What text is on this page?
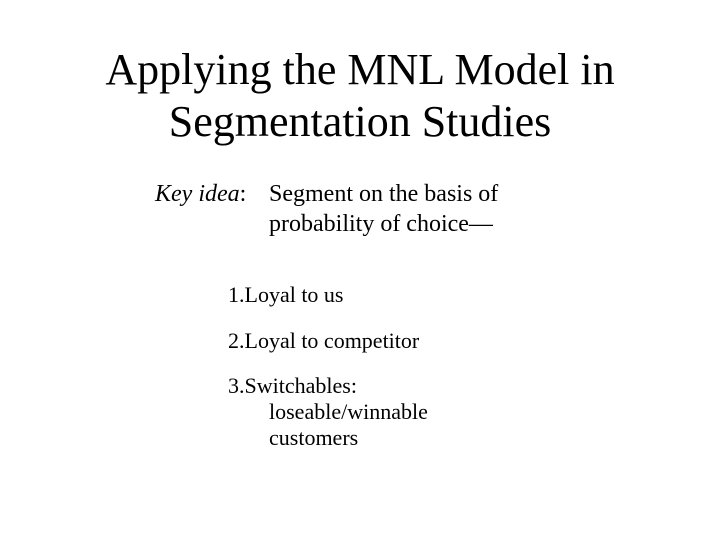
Applying the MNL Model in
Segmentation Studies
Key idea: Segment on the basis of
probability of choice—
1.Loyal to us
2.Loyal to competitor
3.Switchables:
loseable/winnable
customers
